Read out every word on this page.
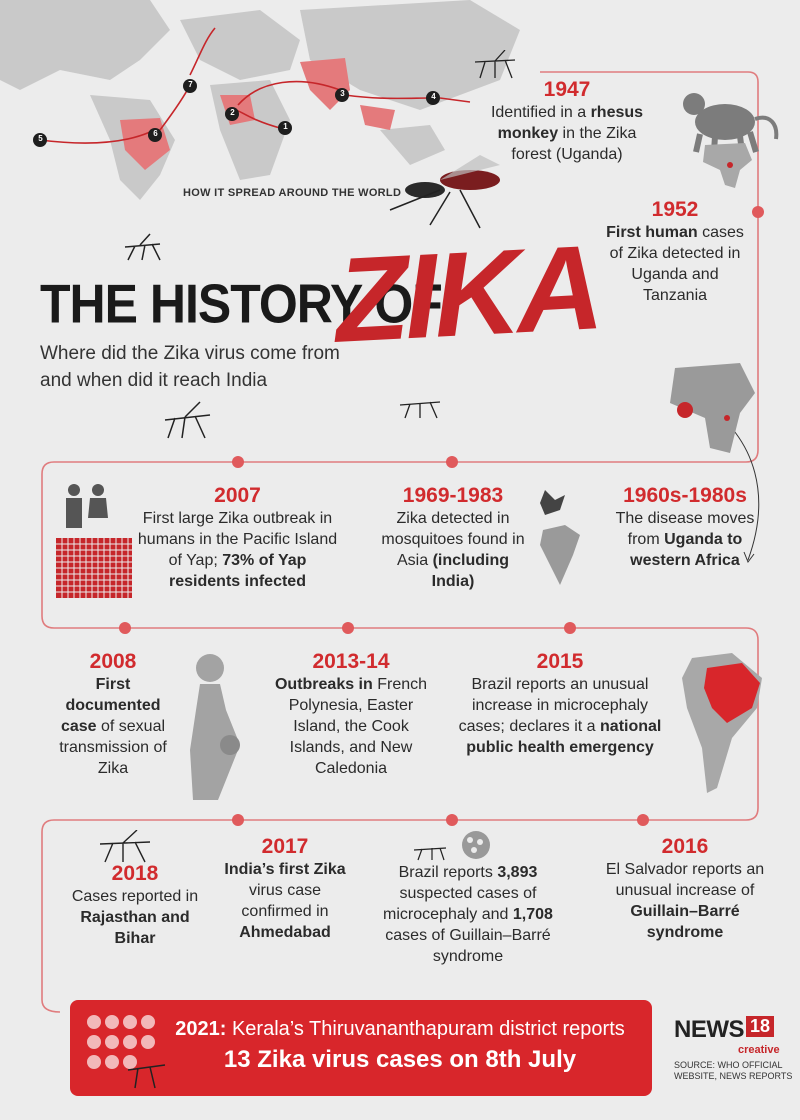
1
2
3	4
5
6
7
HOW IT SPREAD AROUND THE WORLD
THE HISTORY OF
ZIKA
Where did the Zika virus come from and when did it reach India
1947
Identified in a rhesus monkey in the Zika forest (Uganda)
1952
First human cases of Zika detected in Uganda and Tanzania
2007
First large Zika outbreak in humans in the Pacific Island of Yap; 73% of Yap residents infected
1969-1983
Zika detected in mosquitoes found in Asia (including India)
1960s-1980s
The disease moves from Uganda to western Africa
2008
First documented case of sexual transmission of Zika
2013-14
Outbreaks in French Polynesia, Easter Island, the Cook Islands, and New Caledonia
2015
Brazil reports an unusual increase in microcephaly cases; declares it a national public health emergency
2018
Cases reported in Rajasthan and Bihar
2017
India’s first Zika virus case confirmed in Ahmedabad
Brazil reports 3,893 suspected cases of microcephaly and 1,708 cases of Guillain–Barré syndrome
2016
El Salvador reports an unusual increase of Guillain–Barré syndrome
2021: Kerala’s Thiruvananthapuram district reports
13 Zika virus cases on 8th July
NEWS 18
creative
SOURCE: WHO OFFICIAL WEBSITE, NEWS REPORTS
